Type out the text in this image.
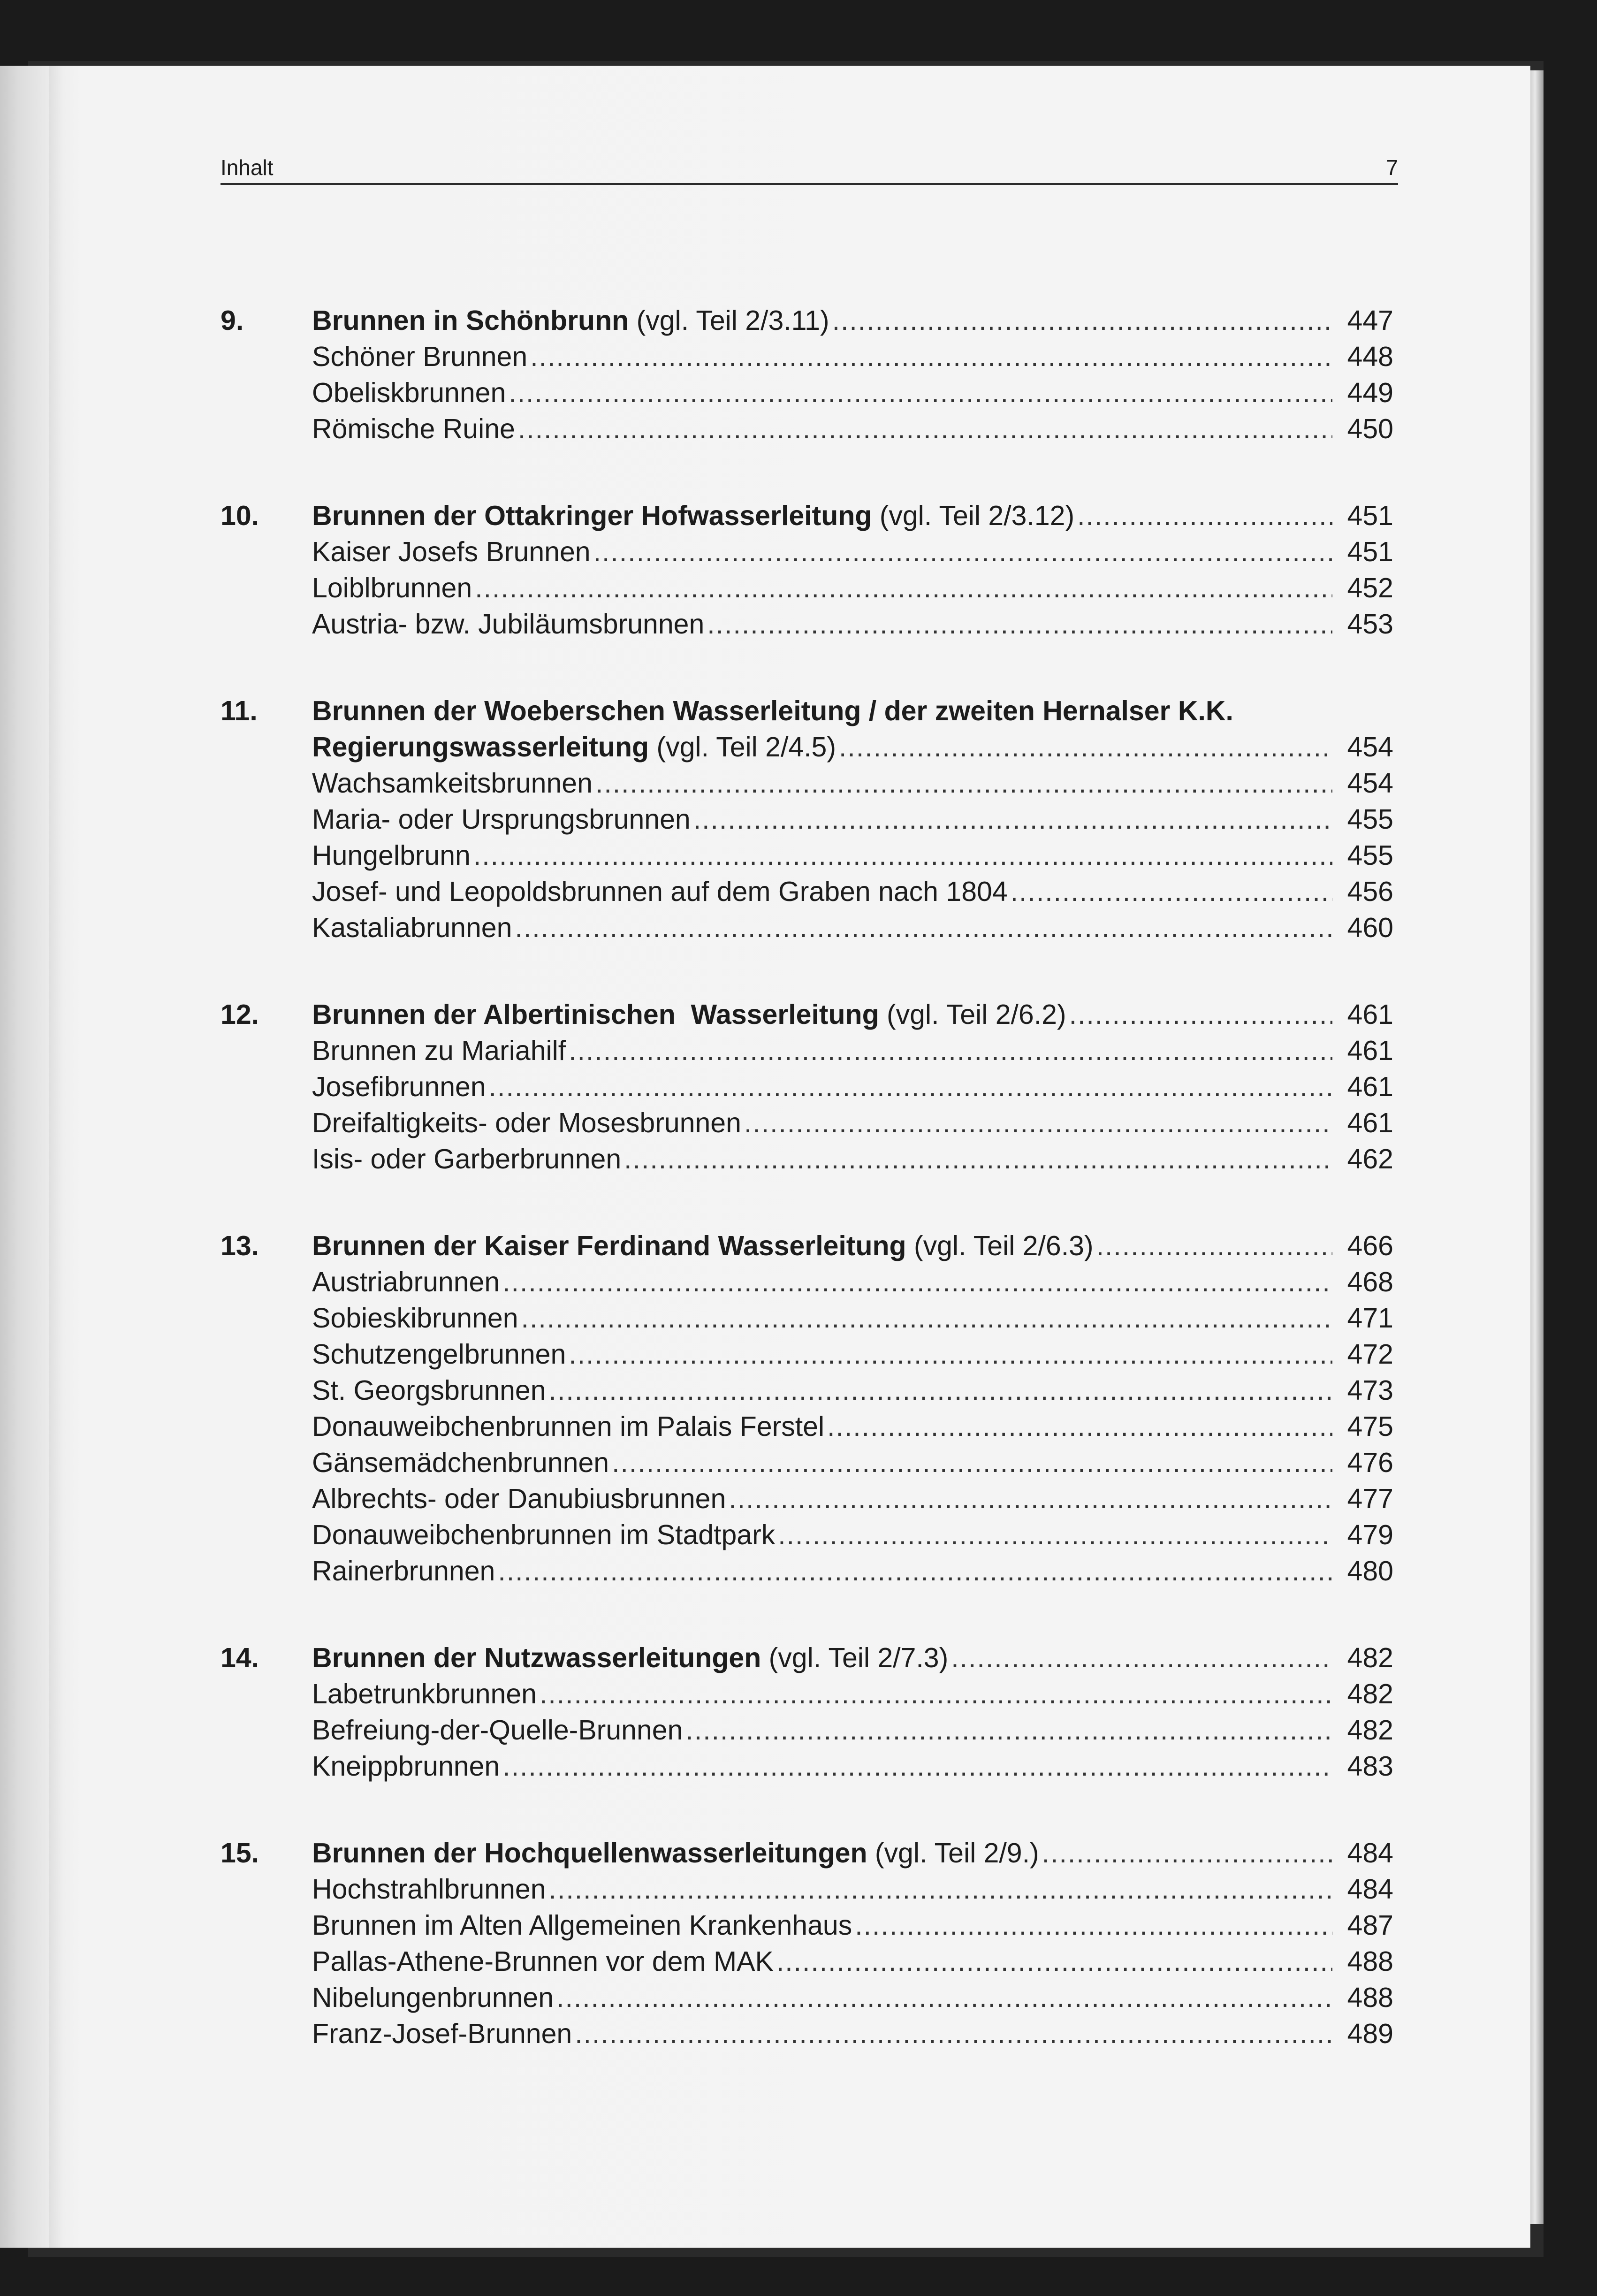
Inhalt	7
9.	Brunnen in Schönbrunn (vgl. Teil 2/3.11) .....	447
Schöner Brunnen .....	448
Obeliskbrunnen .....	449
Römische Ruine .....	450
10.	Brunnen der Ottakringer Hofwasserleitung (vgl. Teil 2/3.12) .....	451
Kaiser Josefs Brunnen .....	451
Loiblbrunnen .....	452
Austria- bzw. Jubiläumsbrunnen .....	453
11.	Brunnen der Woeberschen Wasserleitung / der zweiten Hernalser K.K.
Regierungswasserleitung (vgl. Teil 2/4.5) .....	454
Wachsamkeitsbrunnen .....	454
Maria- oder Ursprungsbrunnen .....	455
Hungelbrunn .....	455
Josef- und Leopoldsbrunnen auf dem Graben nach 1804 .....	456
Kastaliabrunnen .....	460
12.	Brunnen der Albertinischen  Wasserleitung (vgl. Teil 2/6.2) .....	461
Brunnen zu Mariahilf .....	461
Josefibrunnen .....	461
Dreifaltigkeits- oder Mosesbrunnen .....	461
Isis- oder Garberbrunnen .....	462
13.	Brunnen der Kaiser Ferdinand Wasserleitung (vgl. Teil 2/6.3) .....	466
Austriabrunnen .....	468
Sobieskibrunnen .....	471
Schutzengelbrunnen .....	472
St. Georgsbrunnen .....	473
Donauweibchenbrunnen im Palais Ferstel .....	475
Gänsemädchenbrunnen .....	476
Albrechts- oder Danubiusbrunnen .....	477
Donauweibchenbrunnen im Stadtpark .....	479
Rainerbrunnen .....	480
14.	Brunnen der Nutzwasserleitungen (vgl. Teil 2/7.3) .....	482
Labetrunkbrunnen .....	482
Befreiung-der-Quelle-Brunnen .....	482
Kneippbrunnen .....	483
15.	Brunnen der Hochquellenwasserleitungen (vgl. Teil 2/9.) .....	484
Hochstrahlbrunnen .....	484
Brunnen im Alten Allgemeinen Krankenhaus .....	487
Pallas-Athene-Brunnen vor dem MAK .....	488
Nibelungenbrunnen .....	488
Franz-Josef-Brunnen .....	489
